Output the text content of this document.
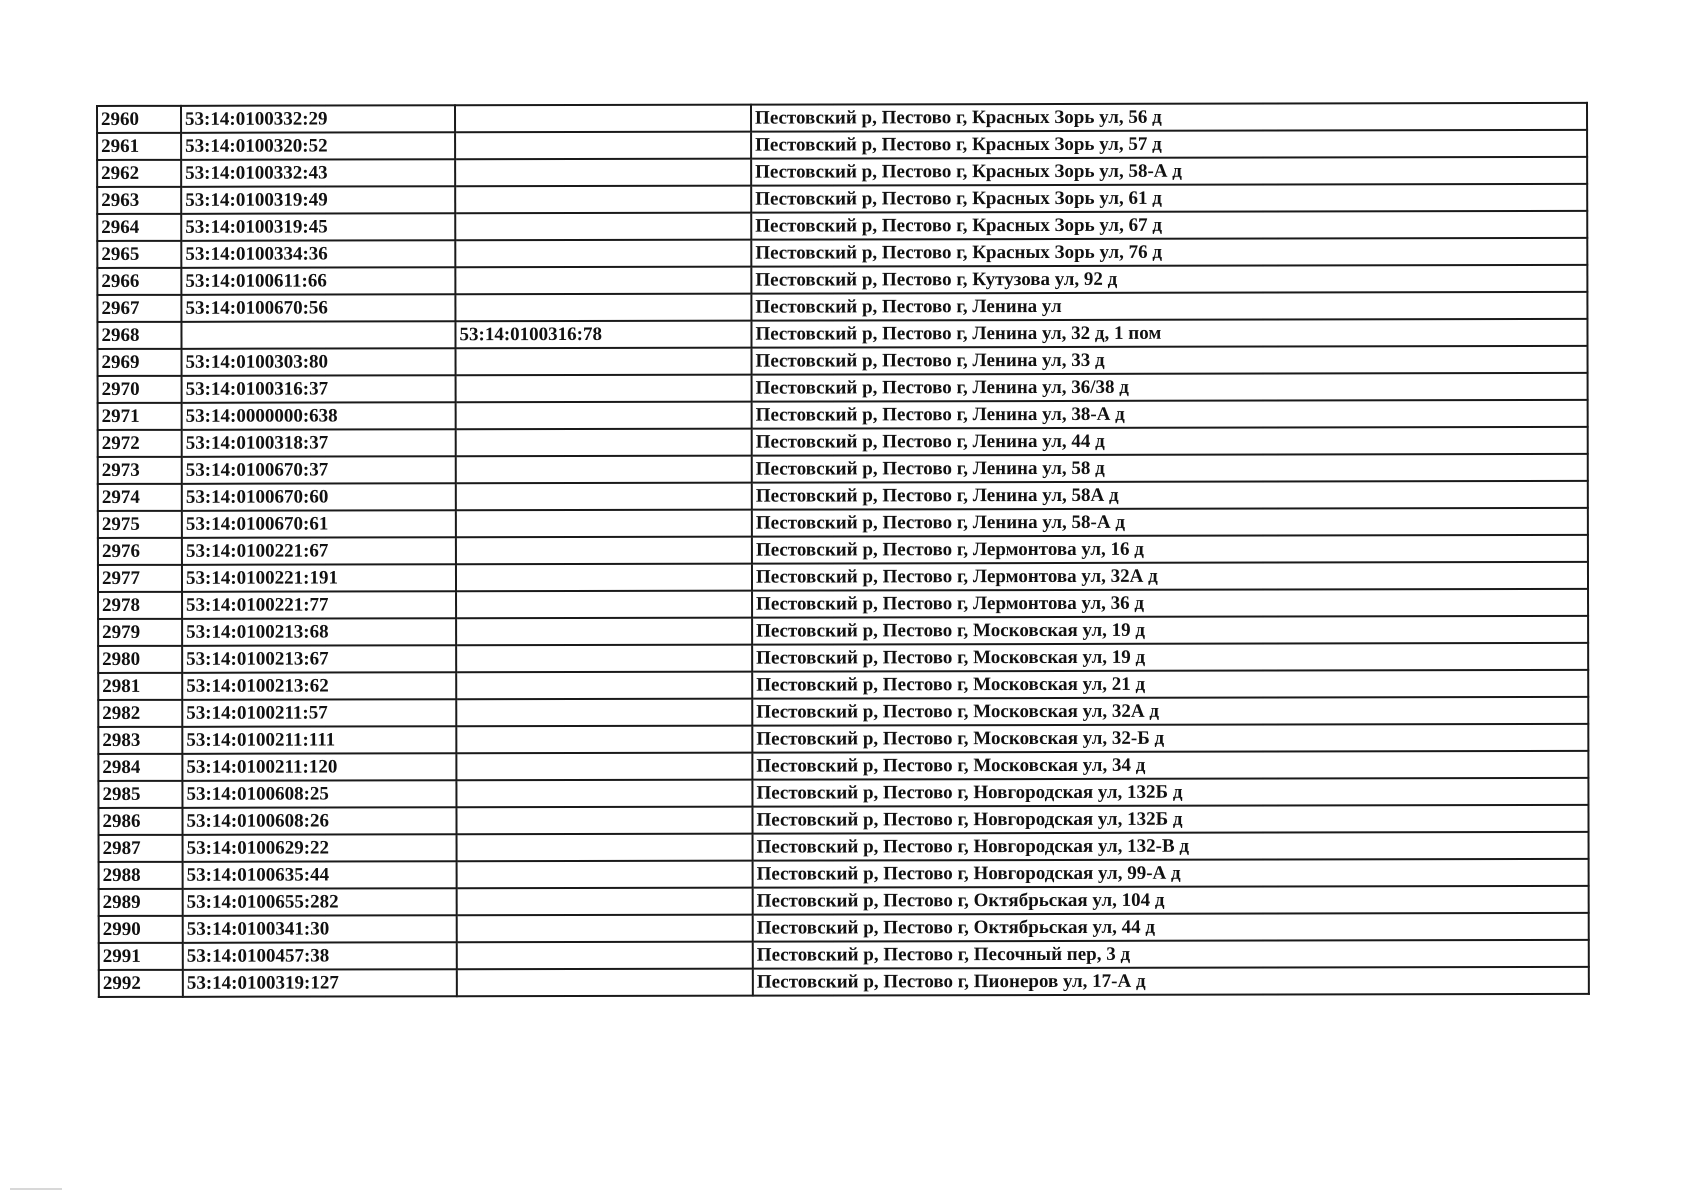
2960	53:14:0100332:29		Пестовский р, Пестово г, Красных Зорь ул, 56 д
2961	53:14:0100320:52		Пестовский р, Пестово г, Красных Зорь ул, 57 д
2962	53:14:0100332:43		Пестовский р, Пестово г, Красных Зорь ул, 58-А д
2963	53:14:0100319:49		Пестовский р, Пестово г, Красных Зорь ул, 61 д
2964	53:14:0100319:45		Пестовский р, Пестово г, Красных Зорь ул, 67 д
2965	53:14:0100334:36		Пестовский р, Пестово г, Красных Зорь ул, 76 д
2966	53:14:0100611:66		Пестовский р, Пестово г, Кутузова ул, 92 д
2967	53:14:0100670:56		Пестовский р, Пестово г, Ленина ул
2968		53:14:0100316:78	Пестовский р, Пестово г, Ленина ул, 32 д, 1 пом
2969	53:14:0100303:80		Пестовский р, Пестово г, Ленина ул, 33 д
2970	53:14:0100316:37		Пестовский р, Пестово г, Ленина ул, 36/38 д
2971	53:14:0000000:638		Пестовский р, Пестово г, Ленина ул, 38-А д
2972	53:14:0100318:37		Пестовский р, Пестово г, Ленина ул, 44 д
2973	53:14:0100670:37		Пестовский р, Пестово г, Ленина ул, 58 д
2974	53:14:0100670:60		Пестовский р, Пестово г, Ленина ул, 58А д
2975	53:14:0100670:61		Пестовский р, Пестово г, Ленина ул, 58-А д
2976	53:14:0100221:67		Пестовский р, Пестово г, Лермонтова ул, 16 д
2977	53:14:0100221:191		Пестовский р, Пестово г, Лермонтова ул, 32А д
2978	53:14:0100221:77		Пестовский р, Пестово г, Лермонтова ул, 36 д
2979	53:14:0100213:68		Пестовский р, Пестово г, Московская ул, 19 д
2980	53:14:0100213:67		Пестовский р, Пестово г, Московская ул, 19 д
2981	53:14:0100213:62		Пестовский р, Пестово г, Московская ул, 21 д
2982	53:14:0100211:57		Пестовский р, Пестово г, Московская ул, 32А д
2983	53:14:0100211:111		Пестовский р, Пестово г, Московская ул, 32-Б д
2984	53:14:0100211:120		Пестовский р, Пестово г, Московская ул, 34 д
2985	53:14:0100608:25		Пестовский р, Пестово г, Новгородская ул, 132Б д
2986	53:14:0100608:26		Пестовский р, Пестово г, Новгородская ул, 132Б д
2987	53:14:0100629:22		Пестовский р, Пестово г, Новгородская ул, 132-В д
2988	53:14:0100635:44		Пестовский р, Пестово г, Новгородская ул, 99-А д
2989	53:14:0100655:282		Пестовский р, Пестово г, Октябрьская ул, 104 д
2990	53:14:0100341:30		Пестовский р, Пестово г, Октябрьская ул, 44 д
2991	53:14:0100457:38		Пестовский р, Пестово г, Песочный пер, 3 д
2992	53:14:0100319:127		Пестовский р, Пестово г, Пионеров ул, 17-А д
